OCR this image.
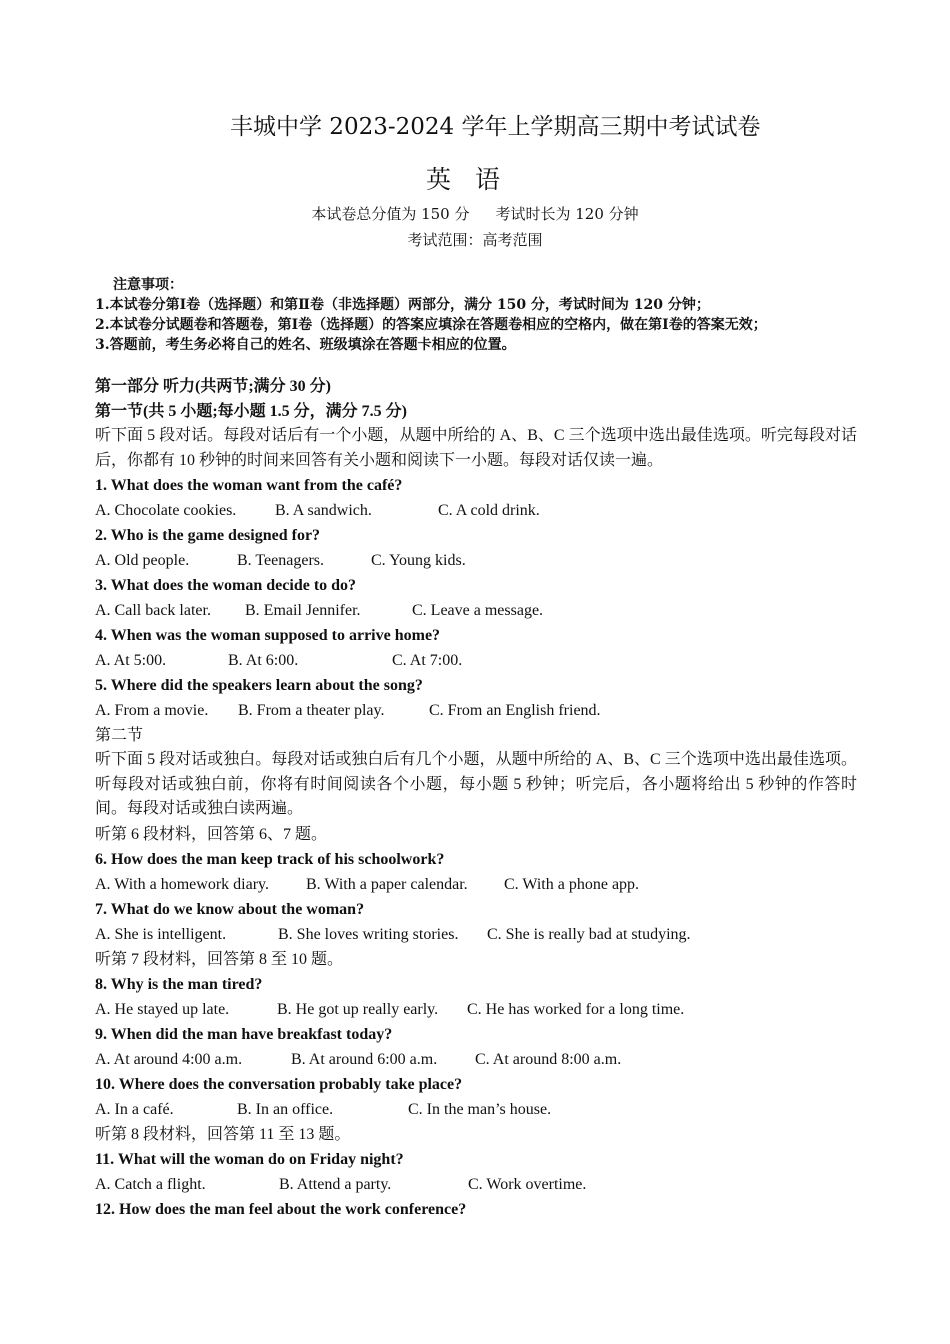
丰城中学 2023-2024 学年上学期高三期中考试试卷
英语
本试卷总分值为 150 分 考试时长为 120 分钟
考试范围：高考范围
注意事项：
1.本试卷分第Ⅰ卷（选择题）和第Ⅱ卷（非选择题）两部分，满分 150 分，考试时间为 120 分钟；
2.本试卷分试题卷和答题卷，第Ⅰ卷（选择题）的答案应填涂在答题卷相应的空格内，做在第Ⅰ卷的答案无效；
3.答题前，考生务必将自己的姓名、班级填涂在答题卡相应的位置。
第一部分 听力(共两节;满分 30 分)
第一节(共 5 小题;每小题 1.5 分，满分 7.5 分)
听下面 5 段对话。每段对话后有一个小题，从题中所给的 A、B、C 三个选项中选出最佳选项。听完每段对话后，你都有 10 秒钟的时间来回答有关小题和阅读下一小题。每段对话仅读一遍。
1. What does the woman want from the café?
A. Chocolate cookies. B. A sandwich.	C. A cold drink.
2. Who is the game designed for?
A. Old people.	B. Teenagers.	C. Young kids.
3. What does the woman decide to do?
A. Call back later. B. Email Jennifer.	C. Leave a message.
4. When was the woman supposed to arrive home?
A. At 5:00.	B. At 6:00.	C. At 7:00.
5. Where did the speakers learn about the song?
A. From a movie. B. From a theater play.	C. From an English friend.
第二节
听下面 5 段对话或独白。每段对话或独白后有几个小题，从题中所给的 A、B、C 三个选项中选出最佳选项。听每段对话或独白前，你将有时间阅读各个小题，每小题 5 秒钟；听完后，各小题将给出 5 秒钟的作答时间。每段对话或独白读两遍。
听第 6 段材料，回答第 6、7 题。
6. How does the man keep track of his schoolwork?
A. With a homework diary. B. With a paper calendar. C. With a phone app.
7. What do we know about the woman?
A. She is intelligent.	B. She loves writing stories. C. She is really bad at studying.
听第 7 段材料，回答第 8 至 10 题。
8. Why is the man tired?
A. He stayed up late.	B. He got up really early. C. He has worked for a long time.
9. When did the man have breakfast today?
A. At around 4:00 a.m.	B. At around 6:00 a.m. C. At around 8:00 a.m.
10. Where does the conversation probably take place?
A. In a café.	B. In an office.	C. In the man’s house.
听第 8 段材料，回答第 11 至 13 题。
11. What will the woman do on Friday night?
A. Catch a flight.	B. Attend a party.	C. Work overtime.
12. How does the man feel about the work conference?
